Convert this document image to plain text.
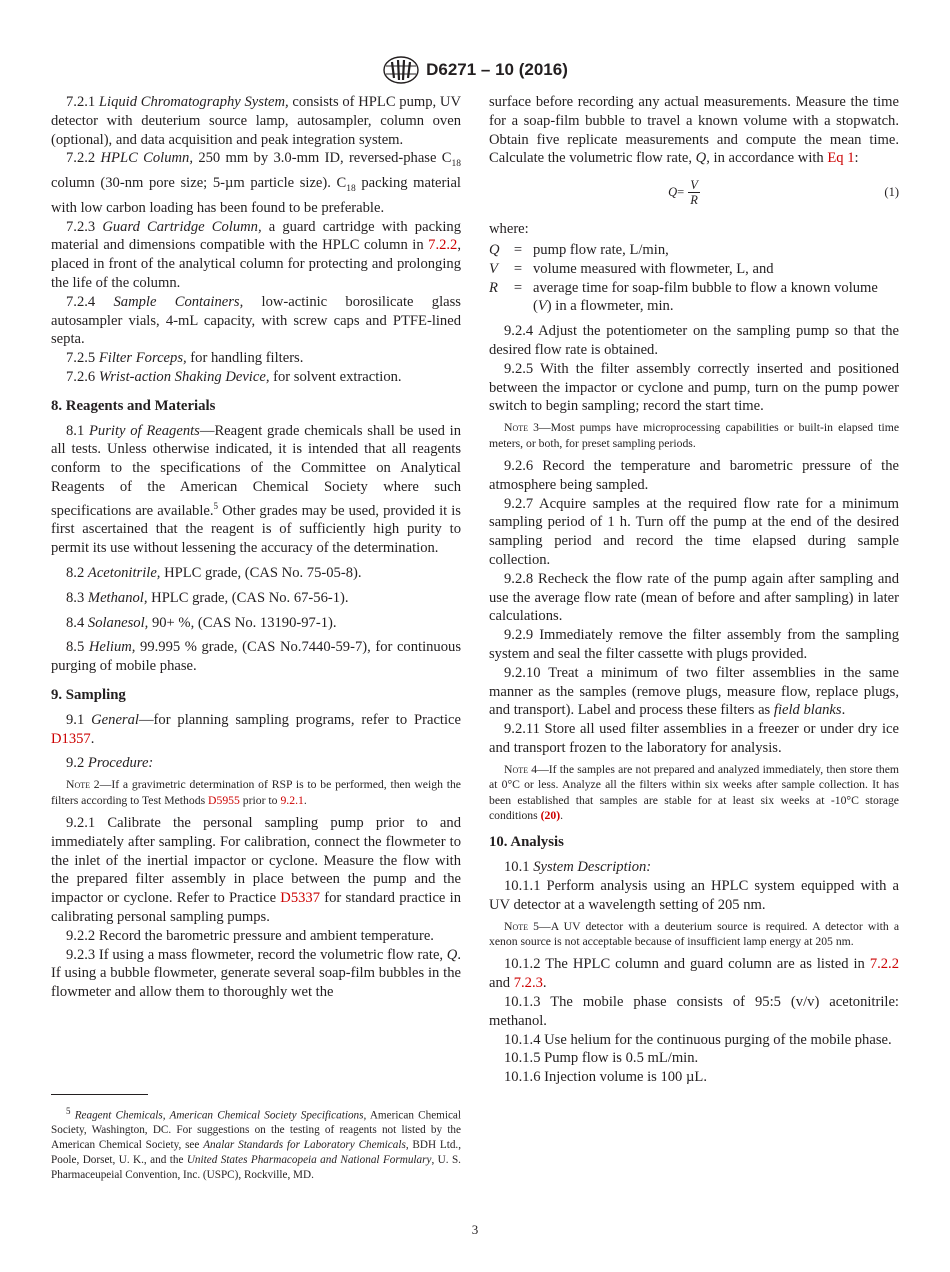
D6271 – 10 (2016)

7.2.1 Liquid Chromatography System, consists of HPLC pump, UV detector with deuterium source lamp, autosampler, column oven (optional), and data acquisition and peak integration system.

7.2.2 HPLC Column, 250 mm by 3.0-mm ID, reversed-phase $C_{18}$ column (30-nm pore size; 5-µm particle size). $C_{18}$ packing material with low carbon loading has been found to be preferable.

7.2.3 Guard Cartridge Column, a guard cartridge with packing material and dimensions compatible with the HPLC column in 7.2.2, placed in front of the analytical column for protecting and prolonging the life of the column.

7.2.4 Sample Containers, low-actinic borosilicate glass autosampler vials, 4-mL capacity, with screw caps and PTFE-lined septa.

7.2.5 Filter Forceps, for handling filters.

7.2.6 Wrist-action Shaking Device, for solvent extraction.

8. Reagents and Materials

8.1 Purity of Reagents—Reagent grade chemicals shall be used in all tests. Unless otherwise indicated, it is intended that all reagents conform to the specifications of the Committee on Analytical Reagents of the American Chemical Society where such specifications are available.$^5$ Other grades may be used, provided it is first ascertained that the reagent is of sufficiently high purity to permit its use without lessening the accuracy of the determination.

8.2 Acetonitrile, HPLC grade, (CAS No. 75-05-8).

8.3 Methanol, HPLC grade, (CAS No. 67-56-1).

8.4 Solanesol, 90+ %, (CAS No. 13190-97-1).

8.5 Helium, 99.995 % grade, (CAS No.7440-59-7), for continuous purging of mobile phase.

9. Sampling

9.1 General—for planning sampling programs, refer to Practice D1357.

9.2 Procedure:

Note 2—If a gravimetric determination of RSP is to be performed, then weigh the filters according to Test Methods D5955 prior to 9.2.1.

9.2.1 Calibrate the personal sampling pump prior to and immediately after sampling. For calibration, connect the flowmeter to the inlet of the inertial impactor or cyclone. Measure the flow with the prepared filter assembly in place between the pump and the impactor or cyclone. Refer to Practice D5337 for standard practice in calibrating personal sampling pumps.

9.2.2 Record the barometric pressure and ambient temperature.

9.2.3 If using a mass flowmeter, record the volumetric flow rate, Q. If using a bubble flowmeter, generate several soap-film bubbles in the flowmeter and allow them to thoroughly wet the

$^5$ Reagent Chemicals, American Chemical Society Specifications, American Chemical Society, Washington, DC. For suggestions on the testing of reagents not listed by the American Chemical Society, see Analar Standards for Laboratory Chemicals, BDH Ltd., Poole, Dorset, U. K., and the United States Pharmacopeia and National Formulary, U. S. Pharmaceupeial Convention, Inc. (USPC), Rockville, MD.

surface before recording any actual measurements. Measure the time for a soap-film bubble to travel a known volume with a stopwatch. Obtain five replicate measurements and compute the mean time. Calculate the volumetric flow rate, Q, in accordance with Eq 1:

$Q = \frac{V}{R}$	(1)

where:

Q = pump flow rate, L/min,
V	= volume measured with flowmeter, L, and
R	= average time for soap-film bubble to flow a known volume (V) in a flowmeter, min.

9.2.4 Adjust the potentiometer on the sampling pump so that the desired flow rate is obtained.

9.2.5 With the filter assembly correctly inserted and positioned between the impactor or cyclone and pump, turn on the pump power switch to begin sampling; record the start time.

Note 3—Most pumps have microprocessing capabilities or built-in elapsed time meters, or both, for preset sampling periods.

9.2.6 Record the temperature and barometric pressure of the atmosphere being sampled.

9.2.7 Acquire samples at the required flow rate for a minimum sampling period of 1 h. Turn off the pump at the end of the desired sampling period and record the time elapsed during sample collection.

9.2.8 Recheck the flow rate of the pump again after sampling and use the average flow rate (mean of before and after sampling) in later calculations.

9.2.9 Immediately remove the filter assembly from the sampling system and seal the filter cassette with plugs provided.

9.2.10 Treat a minimum of two filter assemblies in the same manner as the samples (remove plugs, measure flow, replace plugs, and transport). Label and process these filters as field blanks.

9.2.11 Store all used filter assemblies in a freezer or under dry ice and transport frozen to the laboratory for analysis.

Note 4—If the samples are not prepared and analyzed immediately, then store them at 0°C or less. Analyze all the filters within six weeks after sample collection. It has been established that samples are stable for at least six weeks at -10°C storage conditions (20).

10. Analysis

10.1 System Description:

10.1.1 Perform analysis using an HPLC system equipped with a UV detector at a wavelength setting of 205 nm.

Note 5—A UV detector with a deuterium source is required. A detector with a xenon source is not acceptable because of insufficient lamp energy at 205 nm.

10.1.2 The HPLC column and guard column are as listed in 7.2.2 and 7.2.3.

10.1.3 The mobile phase consists of 95:5 (v/v) acetonitrile: methanol.

10.1.4 Use helium for the continuous purging of the mobile phase.

10.1.5 Pump flow is 0.5 mL/min.

10.1.6 Injection volume is 100 µL.

3
